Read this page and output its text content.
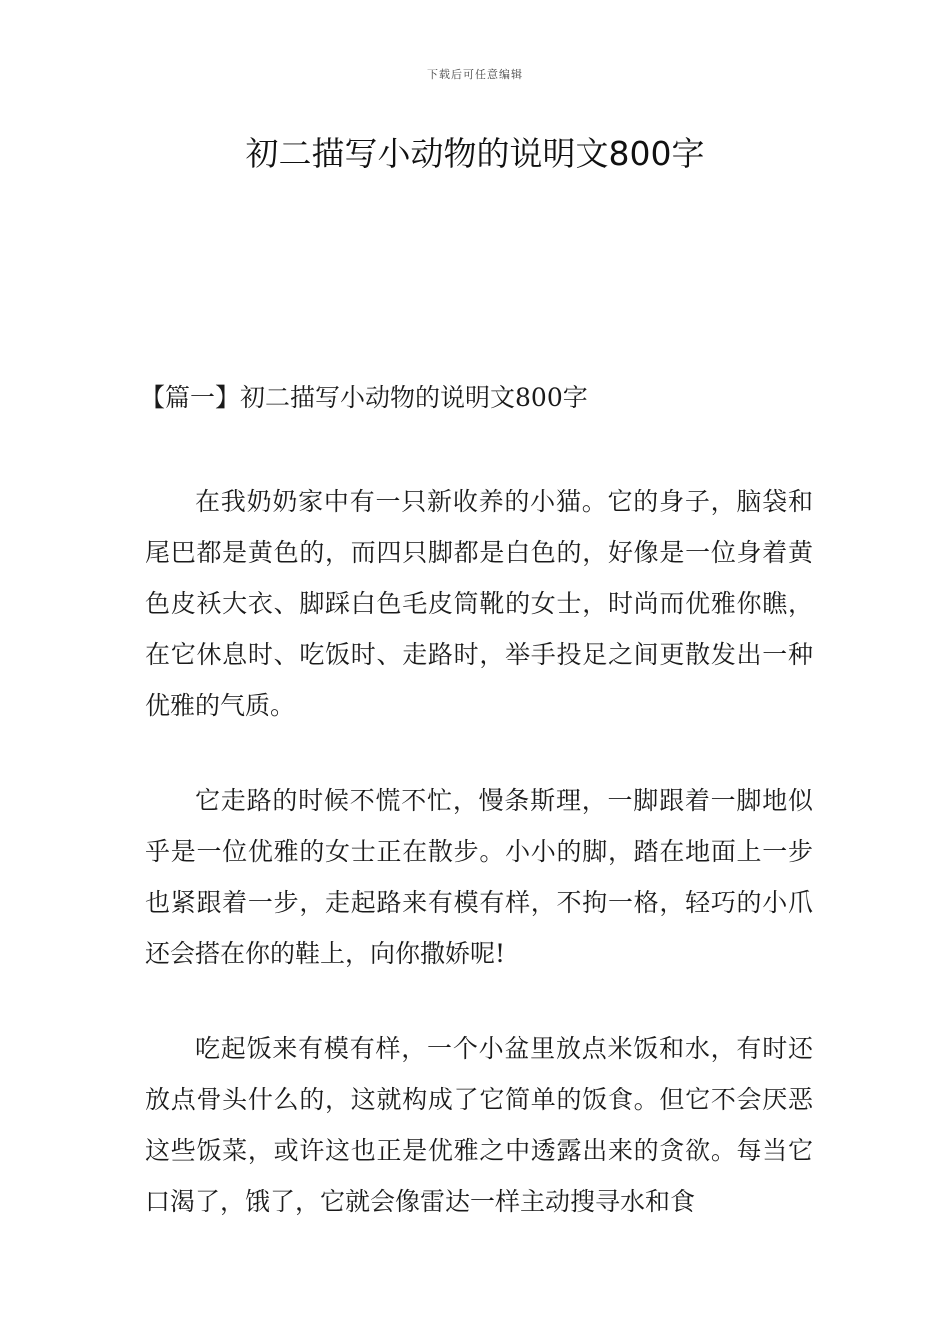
下载后可任意编辑
初二描写小动物的说明文800字
【篇一】初二描写小动物的说明文800字

在我奶奶家中有一只新收养的小猫。它的身子，脑袋和尾巴都是黄色的，而四只脚都是白色的，好像是一位身着黄色皮袄大衣、脚踩白色毛皮筒靴的女士，时尚而优雅你瞧，在它休息时、吃饭时、走路时，举手投足之间更散发出一种优雅的气质。

它走路的时候不慌不忙，慢条斯理，一脚跟着一脚地似乎是一位优雅的女士正在散步。小小的脚，踏在地面上一步也紧跟着一步，走起路来有模有样，不拘一格，轻巧的小爪还会搭在你的鞋上，向你撒娇呢!

吃起饭来有模有样，一个小盆里放点米饭和水，有时还放点骨头什么的，这就构成了它简单的饭食。但它不会厌恶这些饭菜，或许这也正是优雅之中透露出来的贪欲。每当它口渴了，饿了，它就会像雷达一样主动搜寻水和食
